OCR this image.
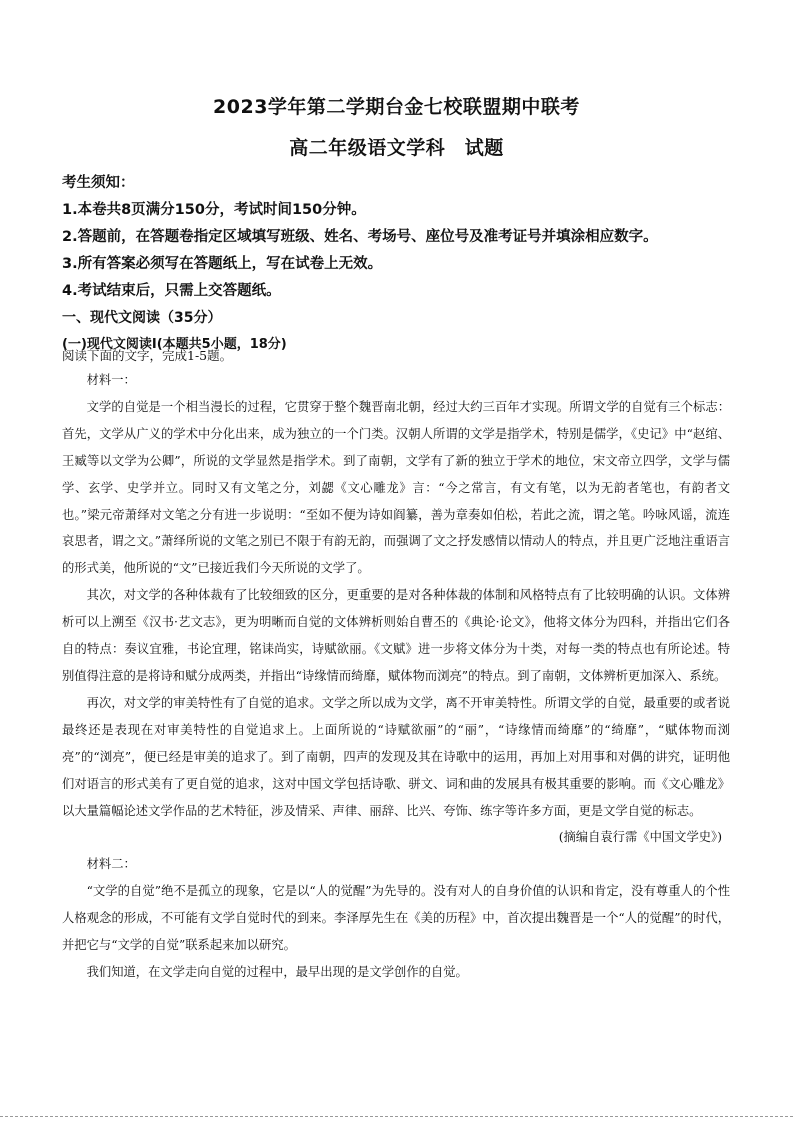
2023学年第二学期台金七校联盟期中联考
高二年级语文学科　试题
考生须知：
1.本卷共8页满分150分，考试时间150分钟。
2.答题前，在答题卷指定区域填写班级、姓名、考场号、座位号及准考证号并填涂相应数字。
3.所有答案必须写在答题纸上，写在试卷上无效。
4.考试结束后，只需上交答题纸。
一、现代文阅读（35分）
(一)现代文阅读Ⅰ(本题共5小题，18分)
阅读下面的文字，完成1-5题。
材料一：

文学的自觉是一个相当漫长的过程，它贯穿于整个魏晋南北朝，经过大约三百年才实现。所谓文学的自觉有三个标志：首先，文学从广义的学术中分化出来，成为独立的一个门类。汉朝人所谓的文学是指学术，特别是儒学，《史记》中“赵绾、王臧等以文学为公卿”，所说的文学显然是指学术。到了南朝，文学有了新的独立于学术的地位，宋文帝立四学，文学与儒学、玄学、史学并立。同时又有文笔之分，刘勰《文心雕龙》言：“今之常言，有文有笔，以为无韵者笔也，有韵者文也。”梁元帝萧绎对文笔之分有进一步说明：“至如不便为诗如阎纂，善为章奏如伯松，若此之流，谓之笔。吟咏风谣，流连哀思者，谓之文。”萧绎所说的文笔之别已不限于有韵无韵，而强调了文之抒发感情以情动人的特点，并且更广泛地注重语言的形式美，他所说的“文”已接近我们今天所说的文学了。

其次，对文学的各种体裁有了比较细致的区分，更重要的是对各种体裁的体制和风格特点有了比较明确的认识。文体辨析可以上溯至《汉书·艺文志》，更为明晰而自觉的文体辨析则始自曹丕的《典论·论文》，他将文体分为四科，并指出它们各自的特点：奏议宜雅，书论宜理，铭诔尚实，诗赋欲丽。《文赋》进一步将文体分为十类，对每一类的特点也有所论述。特别值得注意的是将诗和赋分成两类，并指出“诗缘情而绮靡，赋体物而浏亮”的特点。到了南朝，文体辨析更加深入、系统。

再次，对文学的审美特性有了自觉的追求。文学之所以成为文学，离不开审美特性。所谓文学的自觉，最重要的或者说最终还是表现在对审美特性的自觉追求上。上面所说的“诗赋欲丽”的“丽”，“诗缘情而绮靡”的“绮靡”，“赋体物而浏亮”的“浏亮”，便已经是审美的追求了。到了南朝，四声的发现及其在诗歌中的运用，再加上对用事和对偶的讲究，证明他们对语言的形式美有了更自觉的追求，这对中国文学包括诗歌、骈文、词和曲的发展具有极其重要的影响。而《文心雕龙》以大量篇幅论述文学作品的艺术特征，涉及情采、声律、丽辞、比兴、夸饰、练字等许多方面，更是文学自觉的标志。

(摘编自袁行霈《中国文学史》)
材料二：

“文学的自觉”绝不是孤立的现象，它是以“人的觉醒”为先导的。没有对人的自身价值的认识和肯定，没有尊重人的个性人格观念的形成，不可能有文学自觉时代的到来。李泽厚先生在《美的历程》中，首次提出魏晋是一个“人的觉醒”的时代，并把它与“文学的自觉”联系起来加以研究。

我们知道，在文学走向自觉的过程中，最早出现的是文学创作的自觉。
